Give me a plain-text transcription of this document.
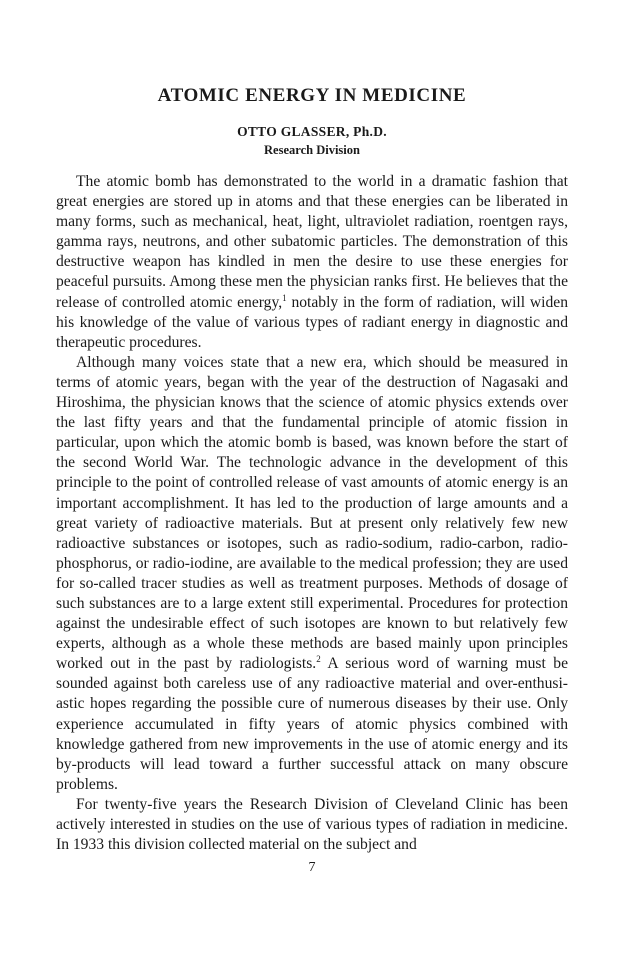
ATOMIC ENERGY IN MEDICINE

OTTO GLASSER, Ph.D.

Research Division

The atomic bomb has demonstrated to the world in a dramatic fashion that great energies are stored up in atoms and that these energies can be liberated in many forms, such as mechanical, heat, light, ultraviolet radiation, roentgen rays, gamma rays, neutrons, and other subatomic particles. The demonstration of this destructive weapon has kindled in men the desire to use these energies for peaceful pursuits. Among these men the physician ranks first. He believes that the release of controlled atomic energy,$^1$ notably in the form of radiation, will widen his knowledge of the value of various types of radiant energy in diagnostic and therapeutic procedures.

Although many voices state that a new era, which should be measured in terms of atomic years, began with the year of the destruction of Nagasaki and Hiroshima, the physician knows that the science of atomic physics extends over the last fifty years and that the fundamental principle of atomic fission in particular, upon which the atomic bomb is based, was known before the start of the second World War. The technologic advance in the development of this principle to the point of controlled release of vast amounts of atomic energy is an important accomplishment. It has led to the production of large amounts and a great variety of radioactive materials. But at present only relatively few new radioactive substances or isotopes, such as radio-sodium, radio-carbon, radio-phosphorus, or radio-iodine, are available to the medical profession; they are used for so-called tracer studies as well as treatment purposes. Methods of dosage of such substances are to a large extent still experimental. Procedures for protection against the undesirable effect of such isotopes are known to but relatively few experts, although as a whole these methods are based mainly upon principles worked out in the past by radiologists.$^2$ A serious word of warning must be sounded against both careless use of any radioactive material and over-enthusiastic hopes regarding the possible cure of numerous diseases by their use. Only experience accumulated in fifty years of atomic physics combined with knowledge gathered from new improvements in the use of atomic energy and its by-products will lead toward a further successful attack on many obscure problems.

For twenty-five years the Research Division of Cleveland Clinic has been actively interested in studies on the use of various types of radiation in medicine. In 1933 this division collected material on the subject and

7
